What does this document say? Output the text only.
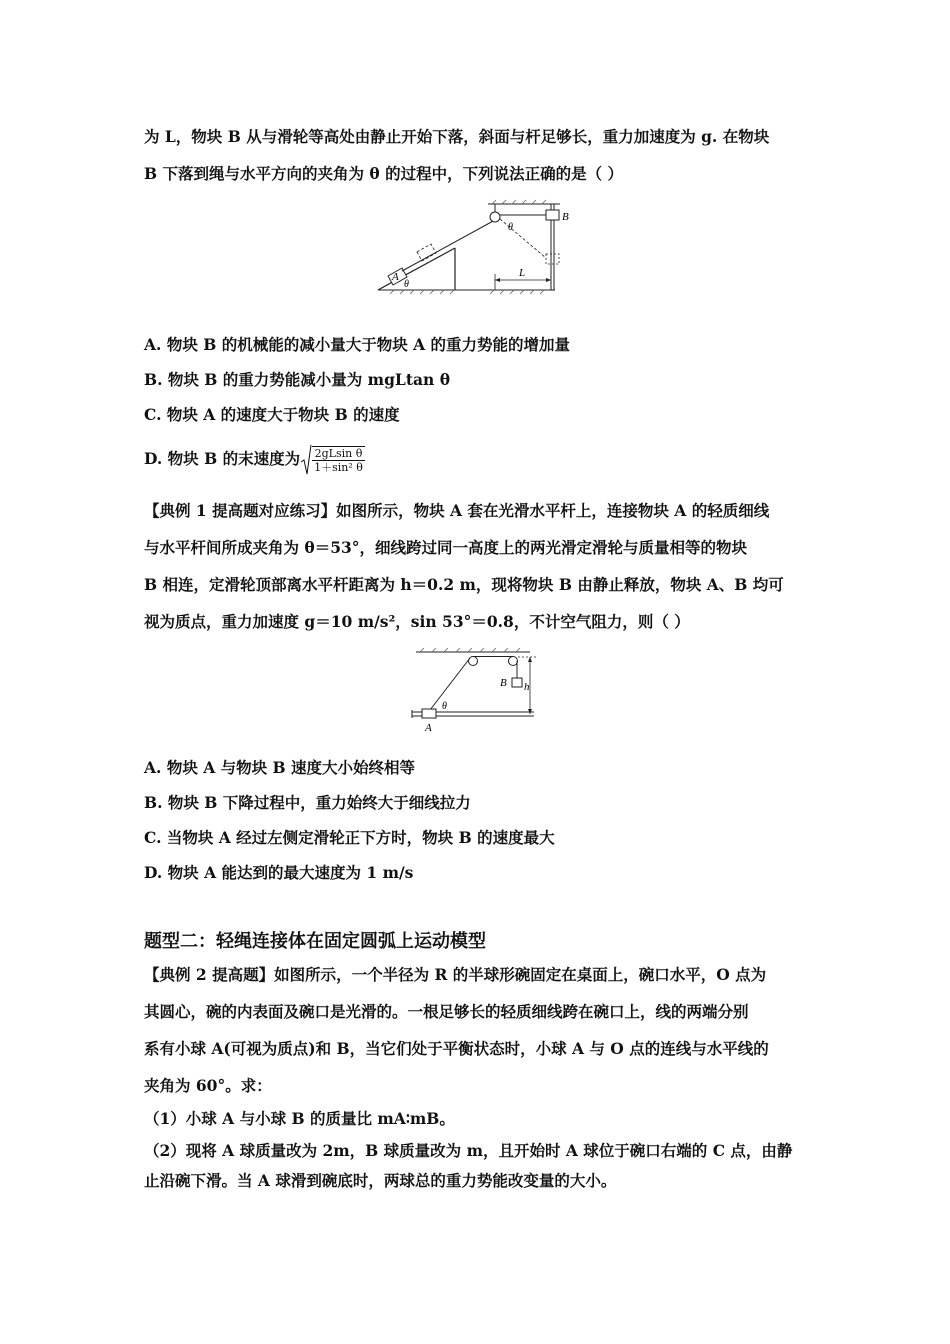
为 L，物块 B 从与滑轮等高处由静止开始下落，斜面与杆足够长，重力加速度为 g. 在物块
B 下落到绳与水平方向的夹角为 θ 的过程中，下列说法正确的是（ ）
A
θ
B
θ
L
A. 物块 B 的机械能的减小量大于物块 A 的重力势能的增加量
B. 物块 B 的重力势能减小量为 mgLtan θ
C. 物块 A 的速度大于物块 B 的速度
D. 物块 B 的末速度为 $\frac{\text{2gLsin θ}}{\text{1＋sin² θ}}$
【典例 1 提高题对应练习】如图所示，物块 A 套在光滑水平杆上，连接物块 A 的轻质细线
与水平杆间所成夹角为 θ＝53°，细线跨过同一高度上的两光滑定滑轮与质量相等的物块
B 相连，定滑轮顶部离水平杆距离为 h＝0.2 m，现将物块 B 由静止释放，物块 A、B 均可
视为质点，重力加速度 g＝10 m/s²，sin 53°＝0.8，不计空气阻力，则（ ）
B h
θ
A
A. 物块 A 与物块 B 速度大小始终相等
B. 物块 B 下降过程中，重力始终大于细线拉力
C. 当物块 A 经过左侧定滑轮正下方时，物块 B 的速度最大
D. 物块 A 能达到的最大速度为 1 m/s
题型二：轻绳连接体在固定圆弧上运动模型
【典例 2 提高题】如图所示，一个半径为 R 的半球形碗固定在桌面上，碗口水平，O 点为
其圆心，碗的内表面及碗口是光滑的。一根足够长的轻质细线跨在碗口上，线的两端分别
系有小球 A(可视为质点)和 B，当它们处于平衡状态时，小球 A 与 O 点的连线与水平线的
夹角为 60°。求：
（1）小球 A 与小球 B 的质量比 mA∶mB。
（2）现将 A 球质量改为 2m，B 球质量改为 m，且开始时 A 球位于碗口右端的 C 点，由静
止沿碗下滑。当 A 球滑到碗底时，两球总的重力势能改变量的大小。
